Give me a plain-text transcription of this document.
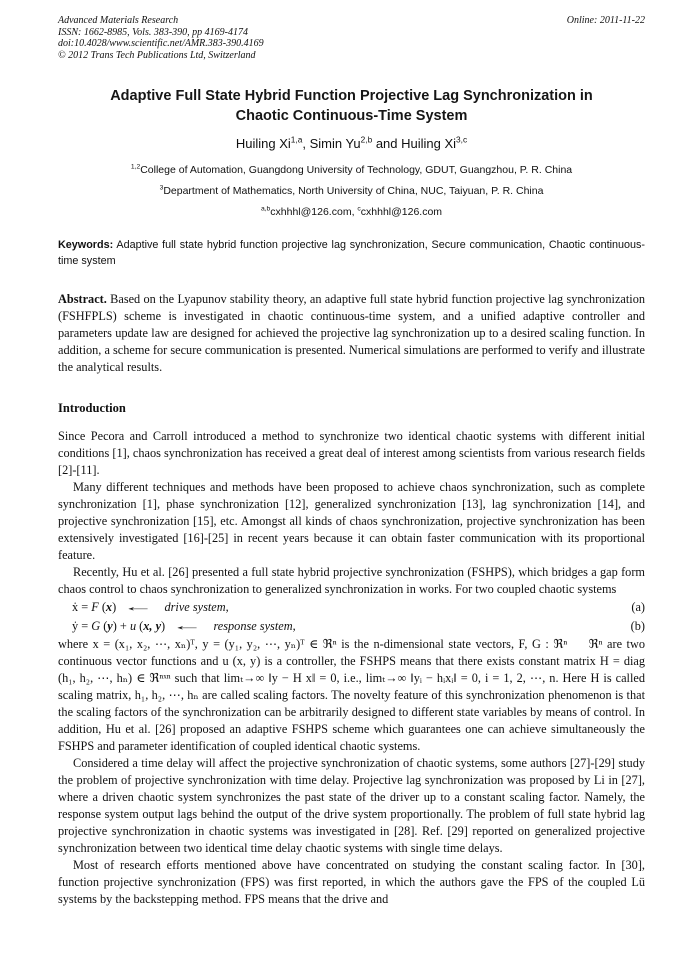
Advanced Materials Research
ISSN: 1662-8985, Vols. 383-390, pp 4169-4174
doi:10.4028/www.scientific.net/AMR.383-390.4169
© 2012 Trans Tech Publications Ltd, Switzerland
Online: 2011-11-22
Adaptive Full State Hybrid Function Projective Lag Synchronization in
Chaotic Continuous-Time System
Huiling Xi$^{1,a}$, Simin Yu$^{2,b}$ and Huiling Xi$^{3,c}$
$^{1,2}$College of Automation, Guangdong University of Technology, GDUT, Guangzhou, P. R. China
$^3$Department of Mathematics, North University of China, NUC, Taiyuan, P. R. China
$^{a,b}$cxhhhl@126.com, $^c$cxhhhl@126.com

Keywords: Adaptive full state hybrid function projective lag synchronization, Secure communication, Chaotic continuous-time system

Abstract. Based on the Lyapunov stability theory, an adaptive full state hybrid function projective lag synchronization (FSHFPLS) scheme is investigated in chaotic continuous-time system, and a unified adaptive controller and parameters update law are designed for achieved the projective lag synchronization up to a desired scaling function. In addition, a scheme for secure communication is presented. Numerical simulations are performed to verify and illustrate the analytical results.

Introduction

Since Pecora and Carroll introduced a method to synchronize two identical chaotic systems with different initial conditions [1], chaos synchronization has received a great deal of interest among scientists from various research fields [2]-[11].

Many different techniques and methods have been proposed to achieve chaos synchronization, such as complete synchronization [1], phase synchronization [12], generalized synchronization [13], lag synchronization [14], and projective synchronization [15], etc. Amongst all kinds of chaos synchronization, projective synchronization has been extensively investigated [16]-[25] in recent years because it can obtain faster communication with its proportional feature.

Recently, Hu et al. [26] presented a full state hybrid projective synchronization (FSHPS), which bridges a gap form chaos control to chaos synchronization to generalized synchronization in works. For two coupled chaotic systems

ẋ = F (x) ← drive system,	(a)
ẏ = G (y) + u (x, y) ← response system,	(b)

where x = (x₁, x₂, ⋯, xₙ)ᵀ, y = (y₁, y₂, ⋯, yₙ)ᵀ ∈ ℜⁿ is the n-dimensional state vectors, F, G : ℜⁿ   ℜⁿ are two continuous vector functions and u (x, y) is a controller, the FSHPS means that there exists constant matrix H = diag (h₁, h₂, ⋯, hₙ) ∈ ℜⁿˣⁿ such that limₜ→∞ ‖y − H x‖ = 0, i.e., limₜ→∞ ‖yᵢ − hᵢxᵢ‖ = 0, i = 1, 2, ⋯, n. Here H is called scaling matrix, h₁, h₂, ⋯, hₙ are called scaling factors. The novelty feature of this synchronization phenomenon is that the scaling factors of the synchronization can be arbitrarily designed to different state variables by means of control. In addition, Hu et al. [26] proposed an adaptive FSHPS scheme which guarantees one can achieve simultaneously the FSHPS and parameter identification of coupled identical chaotic systems.

Considered a time delay will affect the projective synchronization of chaotic systems, some authors [27]-[29] study the problem of projective synchronization with time delay. Projective lag synchronization was proposed by Li in [27], where a driven chaotic system synchronizes the past state of the driver up to a constant scaling factor. Namely, the response system output lags behind the output of the drive system proportionally. The problem of full state hybrid lag projective synchronization in chaotic systems was investigated in [28]. Ref. [29] reported on generalized projective synchronization between two identical time delay chaotic systems with single time delays.

Most of research efforts mentioned above have concentrated on studying the constant scaling factor. In [30], function projective synchronization (FPS) was first reported, in which the authors gave the FPS of the coupled Lü systems by the backstepping method. FPS means that the drive and
